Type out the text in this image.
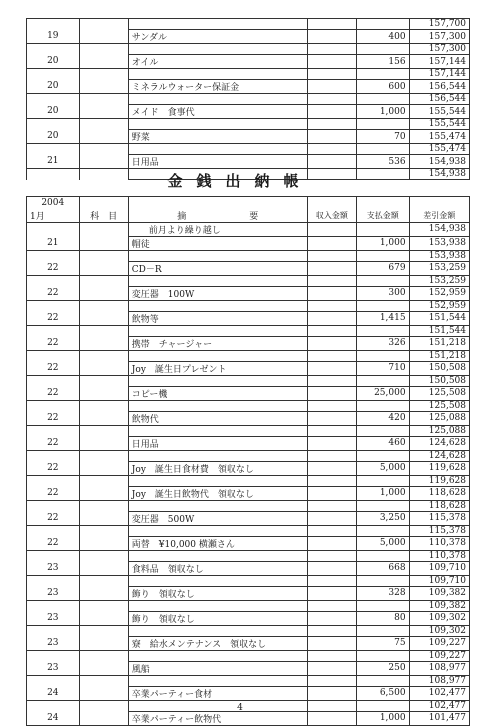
					157,700
19		サンダル		400	157,300
					157,300
20		オイル		156	157,144
					157,144
20		ミネラルウォーター保証金		600	156,544
					156,544
20		メイド　食事代		1,000	155,544
					155,544
20		野菜		70	155,474
					155,474
21		日用品		536	154,938
					154,938
金銭出納帳
2004					
1月	科　目	摘　　　　　　　要	収入金額	支払金額	差引金額
		前月より繰り越し			154,938
21		帽徒		1,000	153,938
					153,938
22		CD－R		679	153,259
					153,259
22		変圧器　100W		300	152,959
					152,959
22		飲物等		1,415	151,544
					151,544
22		携帯　チャージャー		326	151,218
					151,218
22		Joy　誕生日プレゼント		710	150,508
					150,508
22		コピー機		25,000	125,508
					125,508
22		飲物代		420	125,088
					125,088
22		日用品		460	124,628
					124,628
22		Joy　誕生日食材費　領収なし		5,000	119,628
					119,628
22		Joy　誕生日飲物代　領収なし		1,000	118,628
					118,628
22		変圧器　500W		3,250	115,378
					115,378
22		両替　¥10,000 横瀬さん		5,000	110,378
					110,378
23		食料品　領収なし		668	109,710
					109,710
23		飾り　領収なし		328	109,382
					109,382
23		飾り　領収なし		80	109,302
					109,302
23		寮　給水メンテナンス　領収なし		75	109,227
					109,227
23		風船		250	108,977
					108,977
24		卒業パーティー食材		6,500	102,477
					102,477
24		卒業パーティー飲物代		1,000	101,477
4
